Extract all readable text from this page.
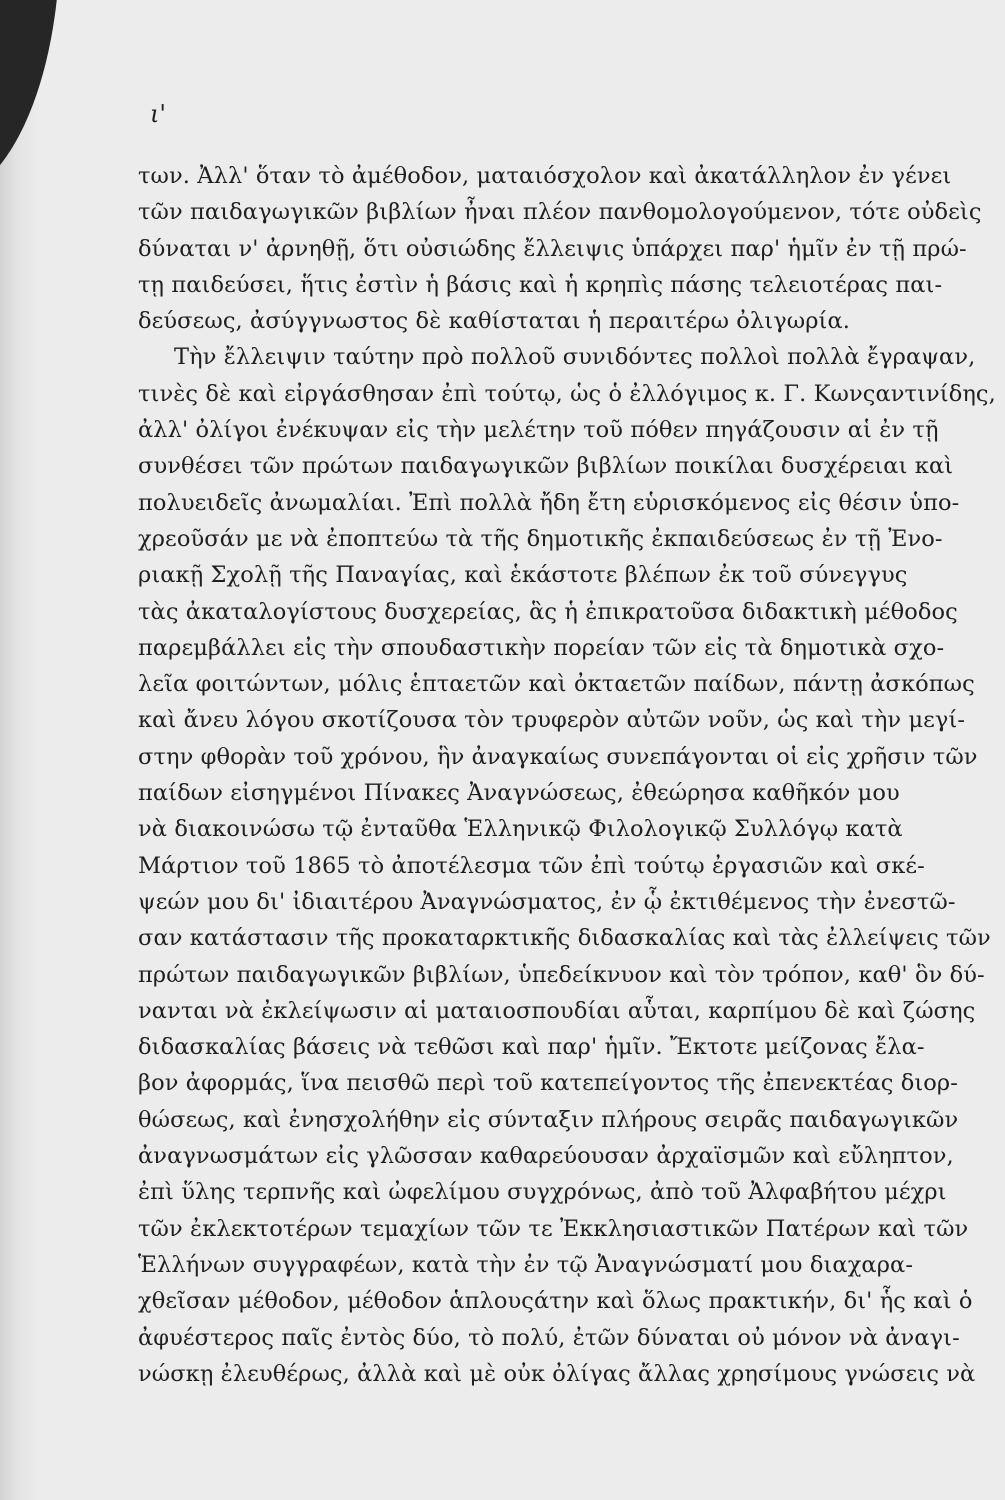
ι'

των. Ἀλλ' ὅταν τὸ ἀμέθοδον, ματαιόσχολον καὶ ἀκατάλληλον ἐν γένει
τῶν παιδαγωγικῶν βιβλίων ἦναι πλέον πανθομολογούμενον, τότε οὐδεὶς
δύναται ν' ἀρνηθῇ, ὅτι οὐσιώδης ἔλλειψις ὑπάρχει παρ' ἡμῖν ἐν τῇ πρώ-
τῃ παιδεύσει, ἥτις ἐστὶν ἡ βάσις καὶ ἡ κρηπὶς πάσης τελειοτέρας παι-
δεύσεως, ἀσύγγνωστος δὲ καθίσταται ἡ περαιτέρω ὀλιγωρία.
Τὴν ἔλλειψιν ταύτην πρὸ πολλοῦ συνιδόντες πολλοὶ πολλὰ ἔγραψαν,
τινὲς δὲ καὶ εἰργάσθησαν ἐπὶ τούτῳ, ὡς ὁ ἐλλόγιμος κ. Γ. Κωνςαντινίδης,
ἀλλ' ὀλίγοι ἐνέκυψαν εἰς τὴν μελέτην τοῦ πόθεν πηγάζουσιν αἱ ἐν τῇ
συνθέσει τῶν πρώτων παιδαγωγικῶν βιβλίων ποικίλαι δυσχέρειαι καὶ
πολυειδεῖς ἀνωμαλίαι. Ἐπὶ πολλὰ ἤδη ἔτη εὑρισκόμενος εἰς θέσιν ὑπο-
χρεοῦσάν με νὰ ἐποπτεύω τὰ τῆς δημοτικῆς ἐκπαιδεύσεως ἐν τῇ Ἐνο-
ριακῇ Σχολῇ τῆς Παναγίας, καὶ ἑκάστοτε βλέπων ἐκ τοῦ σύνεγγυς
τὰς ἀκαταλογίστους δυσχερείας, ἃς ἡ ἐπικρατοῦσα διδακτικὴ μέθοδος
παρεμβάλλει εἰς τὴν σπουδαστικὴν πορείαν τῶν εἰς τὰ δημοτικὰ σχο-
λεῖα φοιτώντων, μόλις ἑπταετῶν καὶ ὀκταετῶν παίδων, πάντῃ ἀσκόπως
καὶ ἄνευ λόγου σκοτίζουσα τὸν τρυφερὸν αὐτῶν νοῦν, ὡς καὶ τὴν μεγί-
στην φθορὰν τοῦ χρόνου, ἣν ἀναγκαίως συνεπάγονται οἱ εἰς χρῆσιν τῶν
παίδων εἰσηγμένοι Πίνακες Ἀναγνώσεως, ἐθεώρησα καθῆκόν μου
νὰ διακοινώσω τῷ ἐνταῦθα Ἑλληνικῷ Φιλολογικῷ Συλλόγῳ κατὰ
Μάρτιον τοῦ 1865 τὸ ἀποτέλεσμα τῶν ἐπὶ τούτῳ ἐργασιῶν καὶ σκέ-
ψεών μου δι' ἰδιαιτέρου Ἀναγνώσματος, ἐν ᾧ ἐκτιθέμενος τὴν ἐνεστῶ-
σαν κατάστασιν τῆς προκαταρκτικῆς διδασκαλίας καὶ τὰς ἐλλείψεις τῶν
πρώτων παιδαγωγικῶν βιβλίων, ὑπεδείκνυον καὶ τὸν τρόπον, καθ' ὃν δύ-
νανται νὰ ἐκλείψωσιν αἱ ματαιοσπουδίαι αὗται, καρπίμου δὲ καὶ ζώσης
διδασκαλίας βάσεις νὰ τεθῶσι καὶ παρ' ἡμῖν. Ἔκτοτε μείζονας ἔλα-
βον ἀφορμάς, ἵνα πεισθῶ περὶ τοῦ κατεπείγοντος τῆς ἐπενεκτέας διορ-
θώσεως, καὶ ἐνησχολήθην εἰς σύνταξιν πλήρους σειρᾶς παιδαγωγικῶν
ἀναγνωσμάτων εἰς γλῶσσαν καθαρεύουσαν ἀρχαϊσμῶν καὶ εὔληπτον,
ἐπὶ ὕλης τερπνῆς καὶ ὠφελίμου συγχρόνως, ἀπὸ τοῦ Ἀλφαβήτου μέχρι
τῶν ἐκλεκτοτέρων τεμαχίων τῶν τε Ἐκκλησιαστικῶν Πατέρων καὶ τῶν
Ἑλλήνων συγγραφέων, κατὰ τὴν ἐν τῷ Ἀναγνώσματί μου διαχαρα-
χθεῖσαν μέθοδον, μέθοδον ἁπλουςάτην καὶ ὅλως πρακτικήν, δι' ἧς καὶ ὁ
ἀφυέστερος παῖς ἐντὸς δύο, τὸ πολύ, ἐτῶν δύναται οὐ μόνον νὰ ἀναγι-
νώσκῃ ἐλευθέρως, ἀλλὰ καὶ μὲ οὐκ ὀλίγας ἄλλας χρησίμους γνώσεις νὰ
